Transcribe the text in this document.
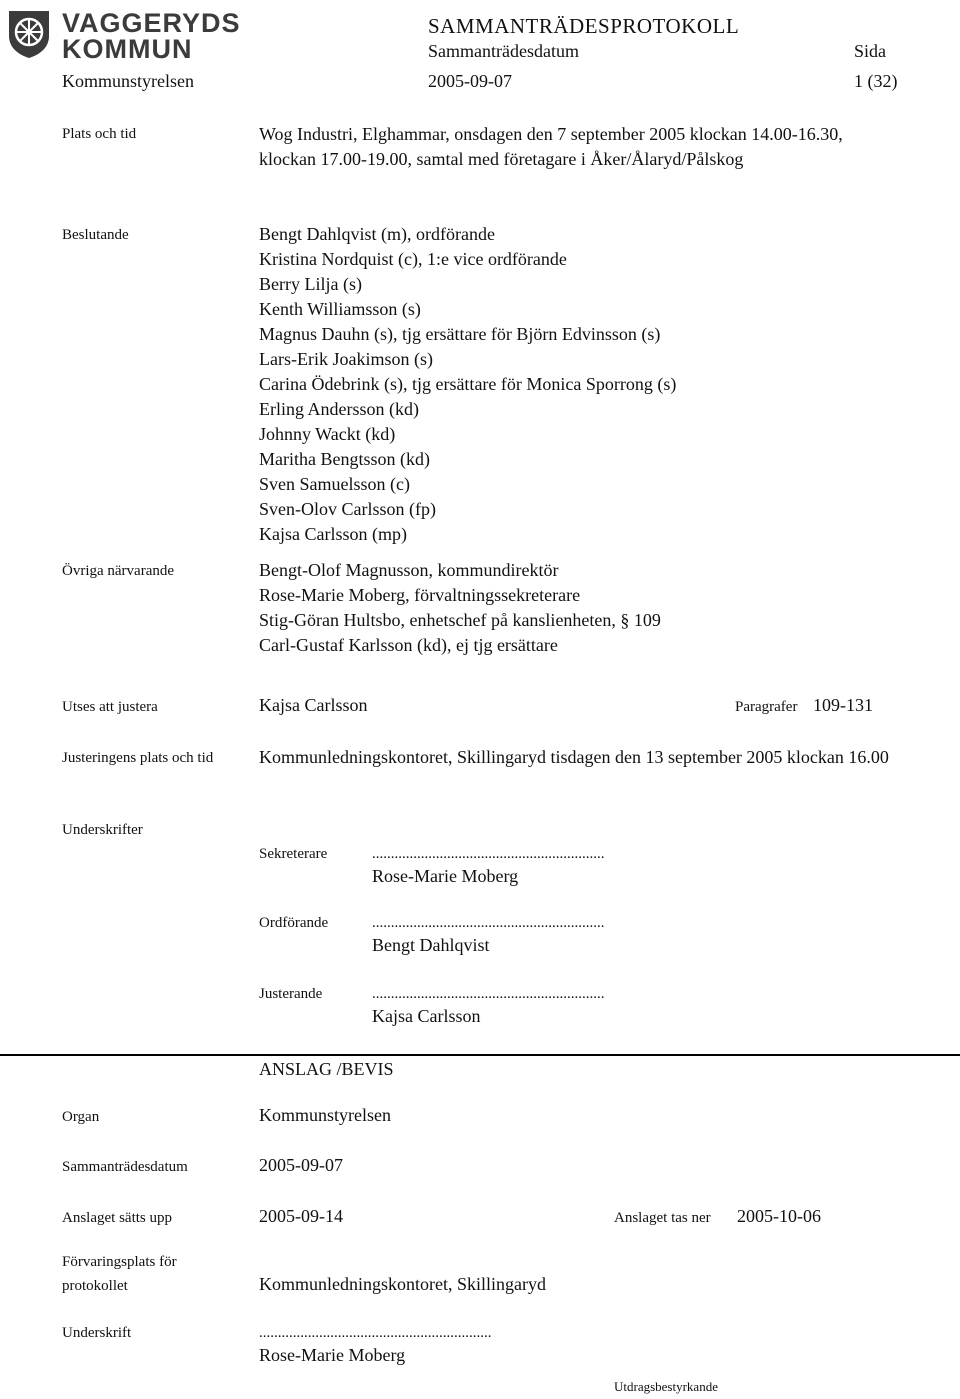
VAGGERYDS
KOMMUN
SAMMANTRÄDESPROTOKOLL
Sammanträdesdatum	Sida
Kommunstyrelsen	2005-09-07	1 (32)
Plats och tid	Wog Industri, Elghammar, onsdagen den 7 september 2005 klockan 14.00-16.30, klockan 17.00-19.00, samtal med företagare i Åker/Ålaryd/Pålskog
Beslutande	Bengt Dahlqvist (m), ordförande
Kristina Nordquist (c), 1:e vice ordförande
Berry Lilja (s)
Kenth Williamsson (s)
Magnus Dauhn (s), tjg ersättare för Björn Edvinsson (s)
Lars-Erik Joakimson (s)
Carina Ödebrink (s), tjg ersättare för Monica Sporrong (s)
Erling Andersson (kd)
Johnny Wackt (kd)
Maritha Bengtsson (kd)
Sven Samuelsson (c)
Sven-Olov Carlsson (fp)
Kajsa Carlsson (mp)
Övriga närvarande	Bengt-Olof Magnusson, kommundirektör
Rose-Marie Moberg, förvaltningssekreterare
Stig-Göran Hultsbo, enhetschef på kanslienheten, § 109
Carl-Gustaf Karlsson (kd), ej tjg ersättare
Utses att justera	Kajsa Carlsson	Paragrafer 109-131
Justeringens plats och tid	Kommunledningskontoret, Skillingaryd tisdagen den 13 september 2005 klockan 16.00
Underskrifter
Sekreterare	..............................................................
Rose-Marie Moberg
Ordförande	..............................................................
Bengt Dahlqvist
Justerande	..............................................................
Kajsa Carlsson
ANSLAG /BEVIS
Organ	Kommunstyrelsen
Sammanträdesdatum	2005-09-07
Anslaget sätts upp	2005-09-14	Anslaget tas ner 2005-10-06
Förvaringsplats för
protokollet	Kommunledningskontoret, Skillingaryd
Underskrift	..............................................................
Rose-Marie Moberg
Utdragsbestyrkande
